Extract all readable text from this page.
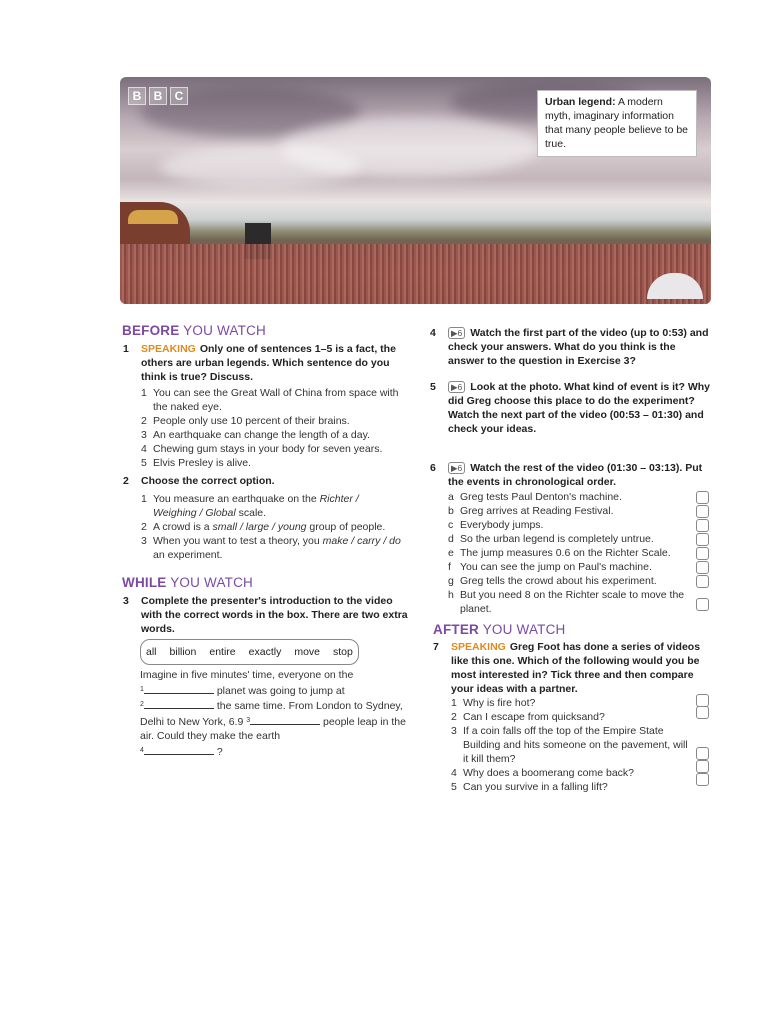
B	B	C	Urban legend: A modern myth, imaginary information that many people believe to be true.
BEFORE YOU WATCH
1 SPEAKING Only one of sentences 1–5 is a fact, the others are urban legends. Which sentence do you think is true? Discuss.
1 You can see the Great Wall of China from space with the naked eye.
2 People only use 10 percent of their brains.
3 An earthquake can change the length of a day.
4 Chewing gum stays in your body for seven years.
5 Elvis Presley is alive.
2 Choose the correct option.
1 You measure an earthquake on the Richter / Weighing / Global scale.
2 A crowd is a small / large / young group of people.
3 When you want to test a theory, you make / carry / do an experiment.
WHILE YOU WATCH
3 Complete the presenter's introduction to the video with the correct words in the box. There are two extra words.
all billion entire exactly move stop
Imagine in five minutes' time, everyone on the
$^1$	planet was going to jump at
$^2$	the same time. From London to Sydney, Delhi to New York, 6.9 $^3$	people leap in the air. Could they make the earth
$^4$	?
4 ▶6 Watch the first part of the video (up to 0:53) and check your answers. What do you think is the answer to the question in Exercise 3?
5 ▶6 Look at the photo. What kind of event is it? Why did Greg choose this place to do the experiment? Watch the next part of the video (00:53 – 01:30) and check your ideas.
6 ▶6 Watch the rest of the video (01:30 – 03:13). Put the events in chronological order.
a Greg tests Paul Denton's machine.
b Greg arrives at Reading Festival.
c Everybody jumps.
d So the urban legend is completely untrue.
e The jump measures 0.6 on the Richter Scale.
f You can see the jump on Paul's machine.
g Greg tells the crowd about his experiment.
h But you need 8 on the Richter scale to move the planet.
AFTER YOU WATCH
7 SPEAKING Greg Foot has done a series of videos like this one. Which of the following would you be most interested in? Tick three and then compare your ideas with a partner.
1 Why is fire hot?
2 Can I escape from quicksand?
3 If a coin falls off the top of the Empire State Building and hits someone on the pavement, will it kill them?
4 Why does a boomerang come back?
5 Can you survive in a falling lift?
